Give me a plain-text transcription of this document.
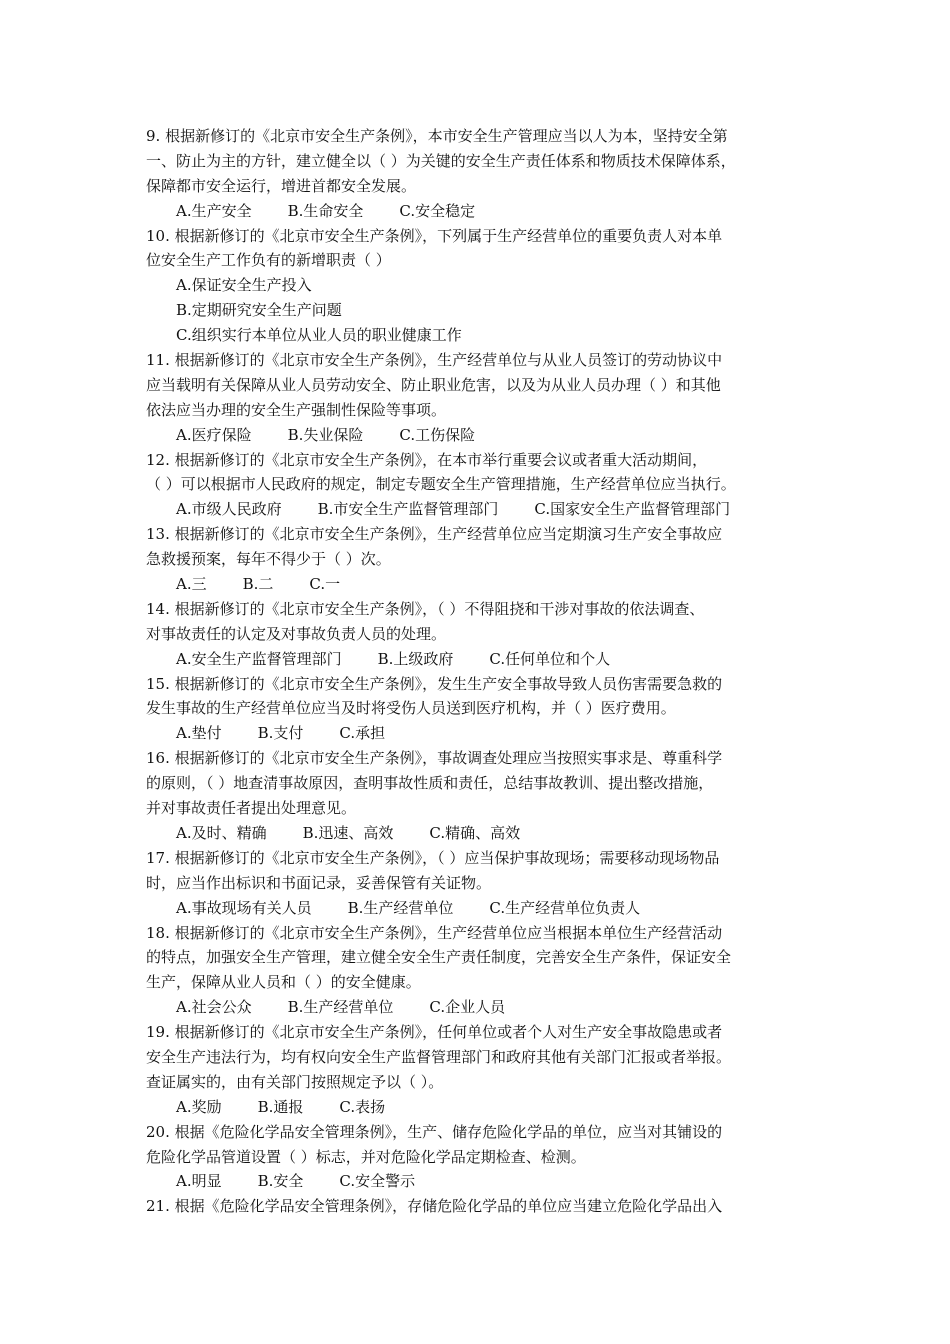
9. 根据新修订的《北京市安全生产条例》，本市安全生产管理应当以人为本，坚持安全第
一、防止为主的方针，建立健全以（ ）为关键的安全生产责任体系和物质技术保障体系，
保障都市安全运行，增进首都安全发展。
A.生产安全 B.生命安全 C.安全稳定
10. 根据新修订的《北京市安全生产条例》，下列属于生产经营单位的重要负责人对本单
位安全生产工作负有的新增职责（ ）
A.保证安全生产投入
B.定期研究安全生产问题
C.组织实行本单位从业人员的职业健康工作
11. 根据新修订的《北京市安全生产条例》，生产经营单位与从业人员签订的劳动协议中
应当载明有关保障从业人员劳动安全、防止职业危害，以及为从业人员办理（ ）和其他
依法应当办理的安全生产强制性保险等事项。
A.医疗保险 B.失业保险 C.工伤保险
12. 根据新修订的《北京市安全生产条例》，在本市举行重要会议或者重大活动期间，
（ ）可以根据市人民政府的规定，制定专题安全生产管理措施，生产经营单位应当执行。
A.市级人民政府 B.市安全生产监督管理部门 C.国家安全生产监督管理部门
13. 根据新修订的《北京市安全生产条例》，生产经营单位应当定期演习生产安全事故应
急救援预案，每年不得少于（ ）次。
A.三 B.二 C.一
14. 根据新修订的《北京市安全生产条例》，（ ）不得阻挠和干涉对事故的依法调查、
对事故责任的认定及对事故负责人员的处理。
A.安全生产监督管理部门 B.上级政府 C.任何单位和个人
15. 根据新修订的《北京市安全生产条例》，发生生产安全事故导致人员伤害需要急救的
发生事故的生产经营单位应当及时将受伤人员送到医疗机构，并（ ）医疗费用。
A.垫付 B.支付 C.承担
16. 根据新修订的《北京市安全生产条例》，事故调查处理应当按照实事求是、尊重科学
的原则，（ ）地查清事故原因，查明事故性质和责任，总结事故教训、提出整改措施，
并对事故责任者提出处理意见。
A.及时、精确 B.迅速、高效 C.精确、高效
17. 根据新修订的《北京市安全生产条例》，（ ）应当保护事故现场；需要移动现场物品
时，应当作出标识和书面记录，妥善保管有关证物。
A.事故现场有关人员 B.生产经营单位 C.生产经营单位负责人
18. 根据新修订的《北京市安全生产条例》，生产经营单位应当根据本单位生产经营活动
的特点，加强安全生产管理，建立健全安全生产责任制度，完善安全生产条件，保证安全
生产，保障从业人员和（ ）的安全健康。
A.社会公众 B.生产经营单位 C.企业人员
19. 根据新修订的《北京市安全生产条例》，任何单位或者个人对生产安全事故隐患或者
安全生产违法行为，均有权向安全生产监督管理部门和政府其他有关部门汇报或者举报。
查证属实的，由有关部门按照规定予以（ ）。
A.奖励 B.通报 C.表扬
20. 根据《危险化学品安全管理条例》，生产、储存危险化学品的单位，应当对其铺设的
危险化学品管道设置（ ）标志，并对危险化学品定期检查、检测。
A.明显 B.安全 C.安全警示
21. 根据《危险化学品安全管理条例》，存储危险化学品的单位应当建立危险化学品出入
